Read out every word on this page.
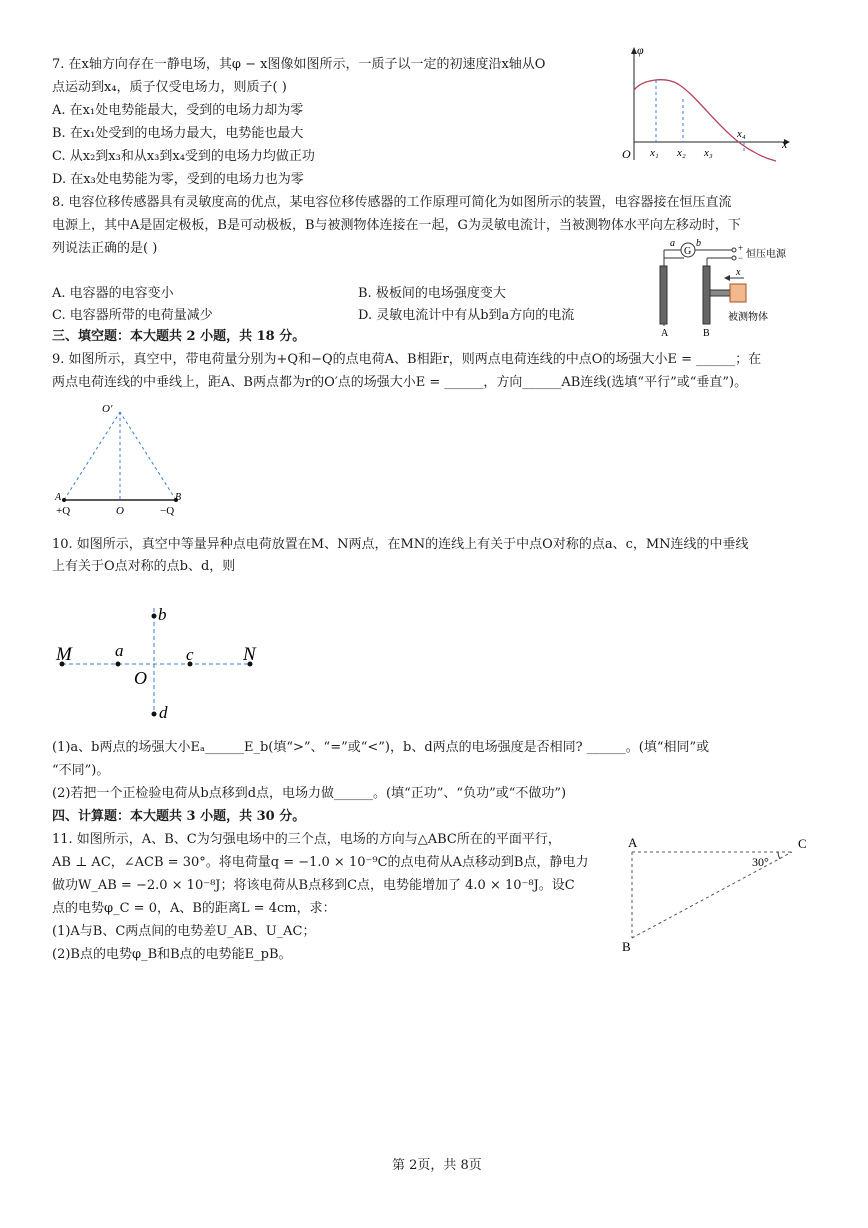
7. 在x轴方向存在一静电场，其φ − x图像如图所示，一质子以一定的初速度沿x轴从O
点运动到x₄，质子仅受电场力，则质子( )
A. 在x₁处电势能最大，受到的电场力却为零
B. 在x₁处受到的电场力最大，电势能也最大
C. 从x₂到x₃和从x₃到x₄受到的电场力均做正功
D. 在x₃处电势能为零，受到的电场力也为零
φ
x
O x₁ x₂ x₃
x₄
8. 电容位移传感器具有灵敏度高的优点，某电容位移传感器的工作原理可简化为如图所示的装置，电容器接在恒压直流
电源上，其中A是固定极板，B是可动极板，B与被测物体连接在一起，G为灵敏电流计，当被测物体水平向左移动时，下
列说法正确的是( )	G
a b	+
− 恒压电源
x
被测物体
A	B
A. 电容器的电容变小	B. 极板间的电场强度变大
C. 电容器所带的电荷量减少	D. 灵敏电流计中有从b到a方向的电流
三、填空题：本大题共 2 小题，共 18 分。
9. 如图所示，真空中，带电荷量分别为+Q和−Q的点电荷A、B相距r，则两点电荷连线的中点O的场强大小E = ______；在
两点电荷连线的中垂线上，距A、B两点都为r的O′点的场强大小E = ______，方向______AB连线(选填“平行”或“垂直”)。
O′
A	B
+Q	O	−Q
10. 如图所示，真空中等量异种点电荷放置在M、N两点，在MN的连线上有关于中点O对称的点a、c，MN连线的中垂线
上有关于O点对称的点b、d，则
M	N
a	c
O
b
d
(1)a、b两点的场强大小Eₐ______E_b(填“>”、“=”或“<”)，b、d两点的电场强度是否相同? ______。(填“相同”或
“不同”)。
(2)若把一个正检验电荷从b点移到d点，电场力做______。(填“正功”、“负功”或“不做功”)
四、计算题：本大题共 3 小题，共 30 分。
11. 如图所示，A、B、C为匀强电场中的三个点，电场的方向与△ABC所在的平面平行，
AB ⊥ AC，∠ACB = 30°。将电荷量q = −1.0 × 10⁻⁹C的点电荷从A点移动到B点，静电力
做功W_AB = −2.0 × 10⁻⁸J；将该电荷从B点移到C点，电势能增加了 4.0 × 10⁻⁸J。设C
点的电势φ_C = 0，A、B的距离L = 4cm，求：
(1)A与B、C两点间的电势差U_AB、U_AC；
(2)B点的电势φ_B和B点的电势能E_pB。
A
B
C
30°
第 2页，共 8页
